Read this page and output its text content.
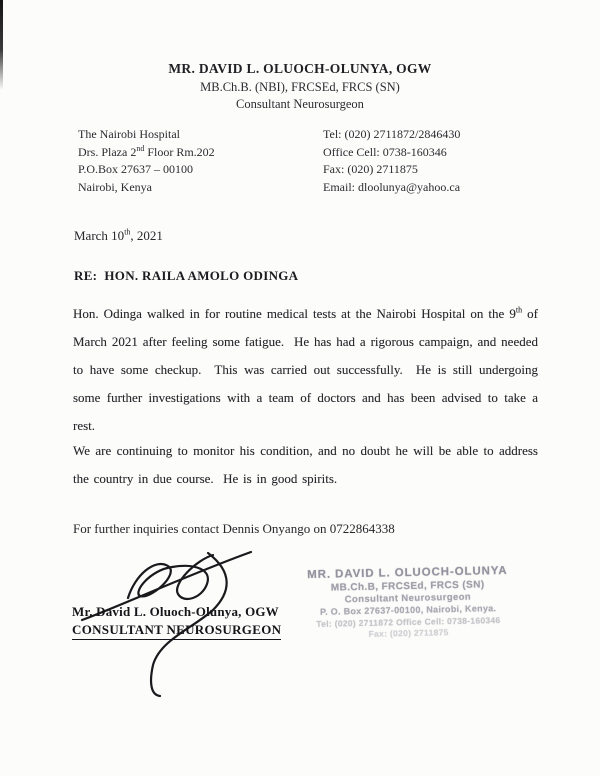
MR. DAVID L. OLUOCH-OLUNYA, OGW
MB.Ch.B. (NBI), FRCSEd, FRCS (SN)
Consultant Neurosurgeon
The Nairobi Hospital
Drs. Plaza 2nd Floor Rm.202
P.O.Box 27637 – 00100
Nairobi, Kenya
Tel: (020) 2711872/2846430
Office Cell: 0738-160346
Fax: (020) 2711875
Email: dloolunya@yahoo.ca
March 10th, 2021
RE:  HON. RAILA AMOLO ODINGA
Hon. Odinga walked in for routine medical tests at the Nairobi Hospital on the 9th of March 2021 after feeling some fatigue.  He has had a rigorous campaign, and needed to have some checkup.  This was carried out successfully.  He is still undergoing some further investigations with a team of doctors and has been advised to take a rest.
We are continuing to monitor his condition, and no doubt he will be able to address the country in due course.  He is in good spirits.
For further inquiries contact Dennis Onyango on 0722864338
Mr. David L. Oluoch-Olunya, OGW
CONSULTANT NEUROSURGEON
MR. DAVID L. OLUOCH-OLUNYA
MB.Ch.B, FRCSEd, FRCS (SN)
Consultant Neurosurgeon
P. O. Box 27637-00100, Nairobi, Kenya.
Tel: (020) 2711872 Office Cell: 0738-160346
Fax: (020) 2711875
